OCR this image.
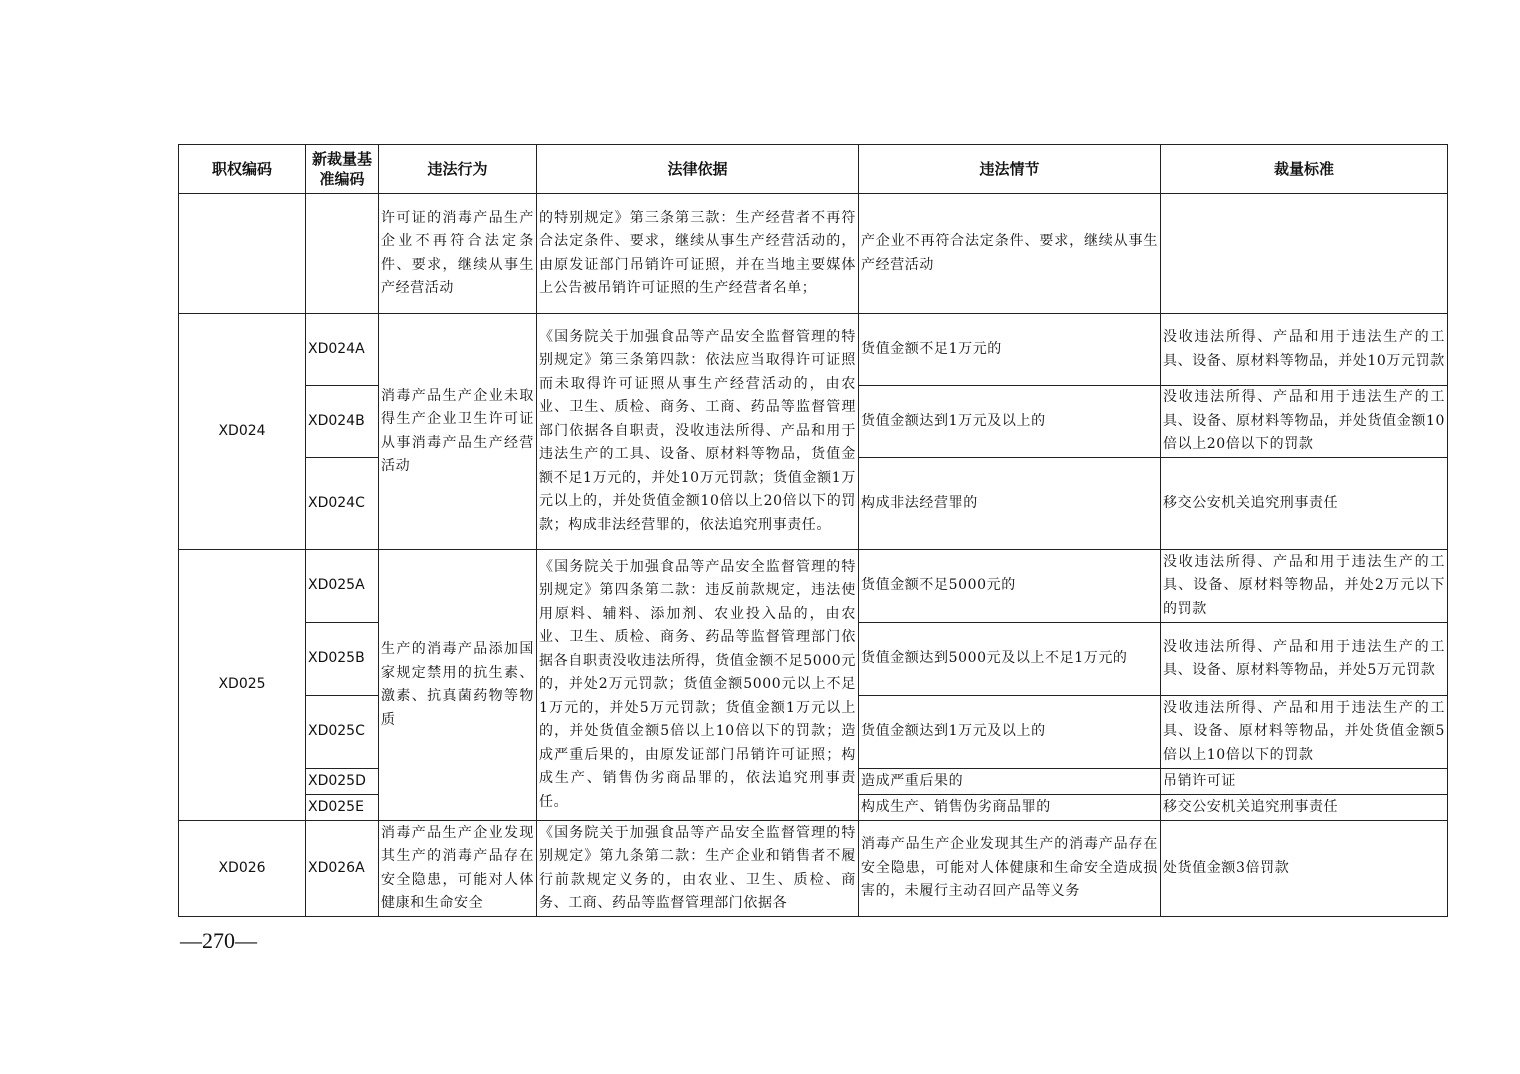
职权编码	新裁量基准编码	违法行为	法律依据	违法情节	裁量标准
		许可证的消毒产品生产企业不再符合法定条件、要求，继续从事生产经营活动	的特别规定》第三条第三款：生产经营者不再符合法定条件、要求，继续从事生产经营活动的，由原发证部门吊销许可证照，并在当地主要媒体上公告被吊销许可证照的生产经营者名单；	产企业不再符合法定条件、要求，继续从事生产经营活动	
XD024	XD024A	消毒产品生产企业未取得生产企业卫生许可证从事消毒产品生产经营活动	《国务院关于加强食品等产品安全监督管理的特别规定》第三条第四款：依法应当取得许可证照而未取得许可证照从事生产经营活动的，由农业、卫生、质检、商务、工商、药品等监督管理部门依据各自职责，没收违法所得、产品和用于违法生产的工具、设备、原材料等物品，货值金额不足1万元的，并处10万元罚款；货值金额1万元以上的，并处货值金额10倍以上20倍以下的罚款；构成非法经营罪的，依法追究刑事责任。	货值金额不足1万元的	没收违法所得、产品和用于违法生产的工具、设备、原材料等物品，并处10万元罚款
	XD024B			货值金额达到1万元及以上的	没收违法所得、产品和用于违法生产的工具、设备、原材料等物品，并处货值金额10倍以上20倍以下的罚款
	XD024C			构成非法经营罪的	移交公安机关追究刑事责任
XD025	XD025A	生产的消毒产品添加国家规定禁用的抗生素、激素、抗真菌药物等物质	《国务院关于加强食品等产品安全监督管理的特别规定》第四条第二款：违反前款规定，违法使用原料、辅料、添加剂、农业投入品的，由农业、卫生、质检、商务、药品等监督管理部门依据各自职责没收违法所得，货值金额不足5000元的，并处2万元罚款；货值金额5000元以上不足1万元的，并处5万元罚款；货值金额1万元以上的，并处货值金额5倍以上10倍以下的罚款；造成严重后果的，由原发证部门吊销许可证照；构成生产、销售伪劣商品罪的，依法追究刑事责任。	货值金额不足5000元的	没收违法所得、产品和用于违法生产的工具、设备、原材料等物品，并处2万元以下的罚款
	XD025B			货值金额达到5000元及以上不足1万元的	没收违法所得、产品和用于违法生产的工具、设备、原材料等物品，并处5万元罚款
	XD025C			货值金额达到1万元及以上的	没收违法所得、产品和用于违法生产的工具、设备、原材料等物品，并处货值金额5倍以上10倍以下的罚款
	XD025D			造成严重后果的	吊销许可证
	XD025E			构成生产、销售伪劣商品罪的	移交公安机关追究刑事责任
XD026	XD026A	消毒产品生产企业发现其生产的消毒产品存在安全隐患，可能对人体健康和生命安全	《国务院关于加强食品等产品安全监督管理的特别规定》第九条第二款：生产企业和销售者不履行前款规定义务的，由农业、卫生、质检、商务、工商、药品等监督管理部门依据各	消毒产品生产企业发现其生产的消毒产品存在安全隐患，可能对人体健康和生命安全造成损害的，未履行主动召回产品等义务	处货值金额3倍罚款
—270—
